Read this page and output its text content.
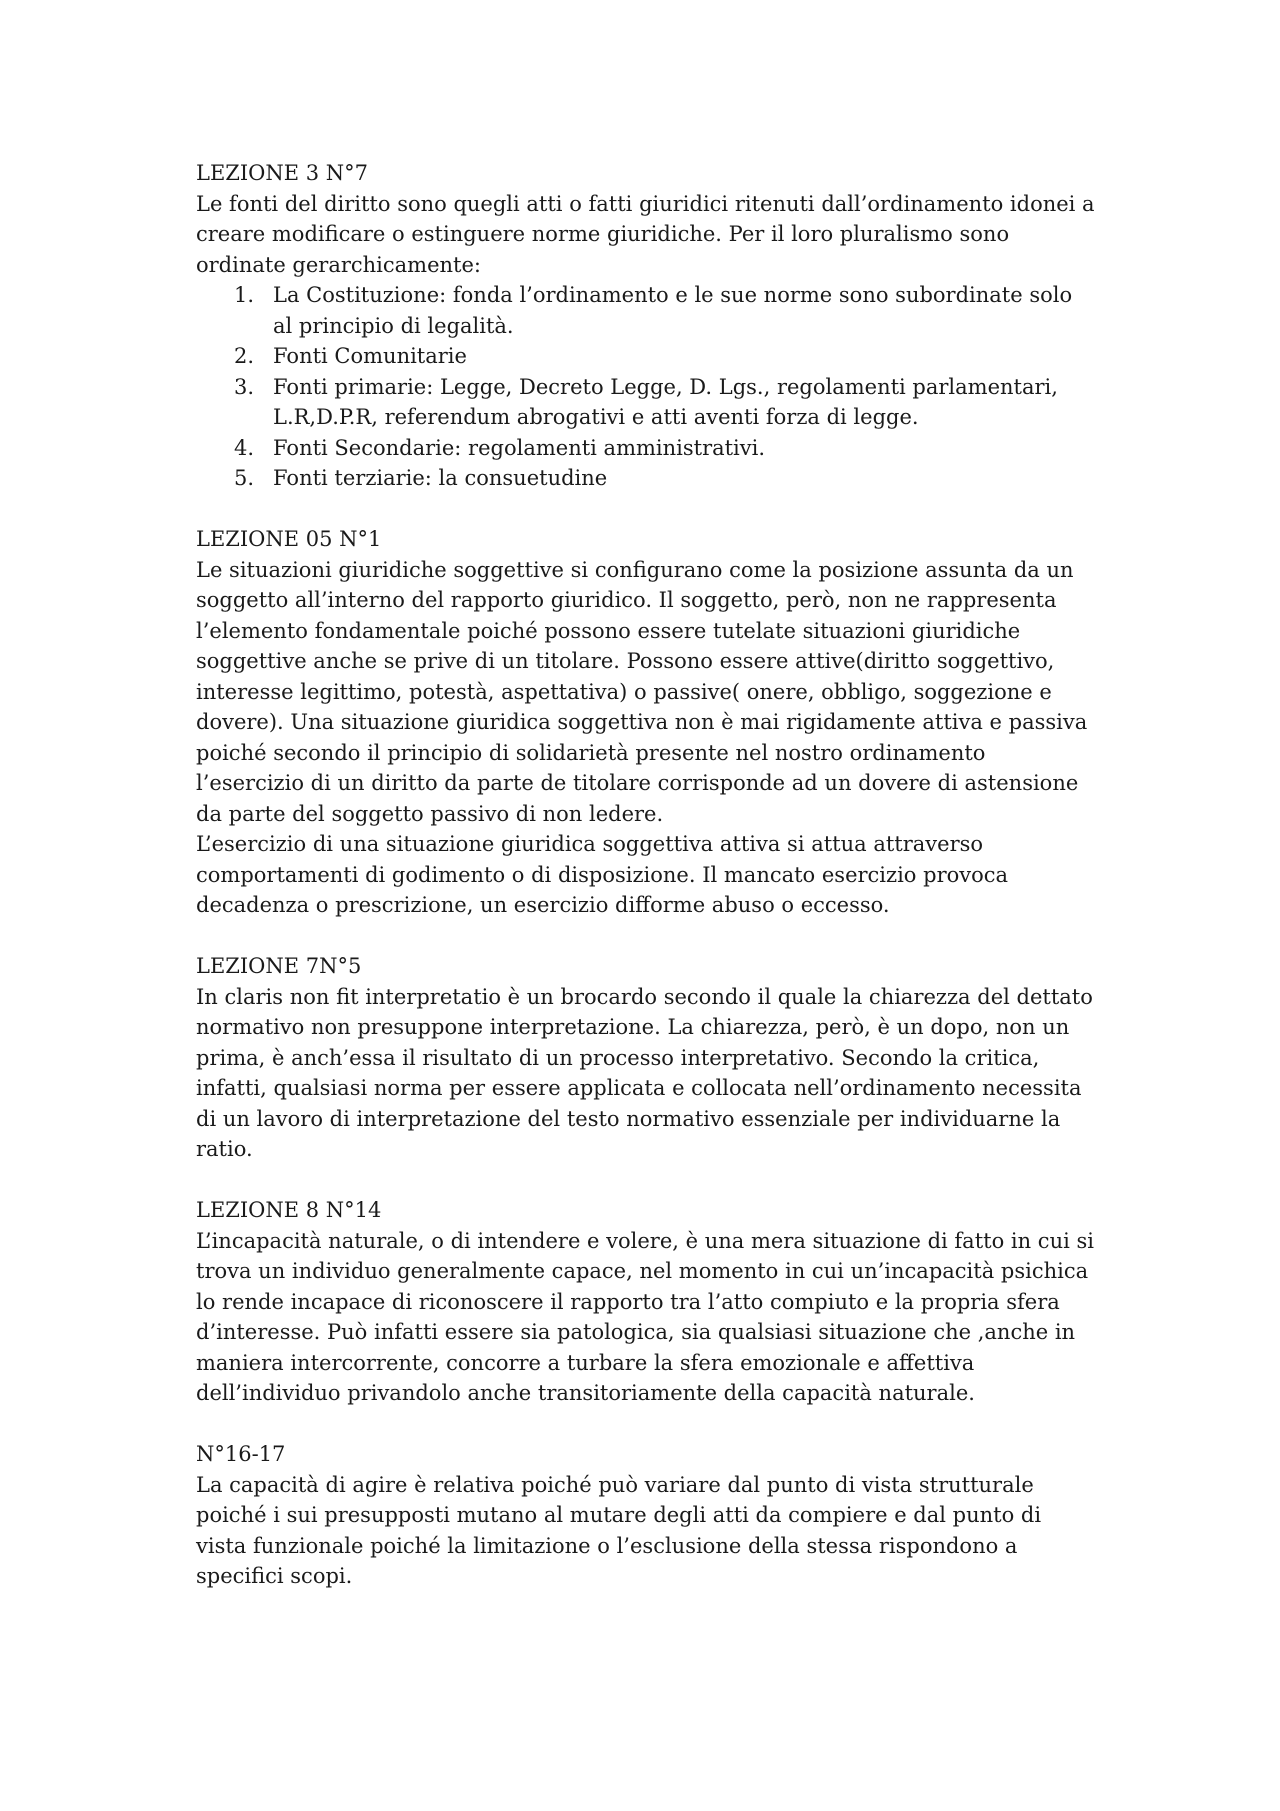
LEZIONE 3 N°7

Le fonti del diritto sono quegli atti o fatti giuridici ritenuti dall’ordinamento idonei a creare modificare o estinguere norme giuridiche. Per il loro pluralismo sono ordinate gerarchicamente:

1. La Costituzione: fonda l’ordinamento e le sue norme sono subordinate solo al principio di legalità.
2. Fonti Comunitarie
3. Fonti primarie: Legge, Decreto Legge, D. Lgs., regolamenti parlamentari, L.R,D.P.R, referendum abrogativi e atti aventi forza di legge.
4. Fonti Secondarie: regolamenti amministrativi.
5. Fonti terziarie: la consuetudine

LEZIONE 05 N°1

Le situazioni giuridiche soggettive si configurano come la posizione assunta da un soggetto all’interno del rapporto giuridico. Il soggetto, però, non ne rappresenta l’elemento fondamentale poiché possono essere tutelate situazioni giuridiche soggettive anche se prive di un titolare. Possono essere attive(diritto soggettivo, interesse legittimo, potestà, aspettativa) o passive( onere, obbligo, soggezione e dovere). Una situazione giuridica soggettiva non è mai rigidamente attiva e passiva poiché secondo il principio di solidarietà presente nel nostro ordinamento l’esercizio di un diritto da parte de titolare corrisponde ad un dovere di astensione da parte del soggetto passivo di non ledere.

L’esercizio di una situazione giuridica soggettiva attiva si attua attraverso comportamenti di godimento o di disposizione. Il mancato esercizio provoca decadenza o prescrizione, un esercizio difforme abuso o eccesso.

LEZIONE 7N°5

In claris non fit interpretatio è un brocardo secondo il quale la chiarezza del dettato normativo non presuppone interpretazione. La chiarezza, però, è un dopo, non un prima, è anch’essa il risultato di un processo interpretativo. Secondo la critica, infatti, qualsiasi norma per essere applicata e collocata nell’ordinamento necessita di un lavoro di interpretazione del testo normativo essenziale per individuarne la ratio.

LEZIONE 8 N°14

L’incapacità naturale, o di intendere e volere, è una mera situazione di fatto in cui si trova un individuo generalmente capace, nel momento in cui un’incapacità psichica lo rende incapace di riconoscere il rapporto tra l’atto compiuto e la propria sfera d’interesse. Può infatti essere sia patologica, sia qualsiasi situazione che ,anche in maniera intercorrente, concorre a turbare la sfera emozionale e affettiva dell’individuo privandolo anche transitoriamente della capacità naturale.

N°16-17

La capacità di agire è relativa poiché può variare dal punto di vista strutturale poiché i sui presupposti mutano al mutare degli atti da compiere e dal punto di vista funzionale poiché la limitazione o l’esclusione della stessa rispondono a specifici scopi.
